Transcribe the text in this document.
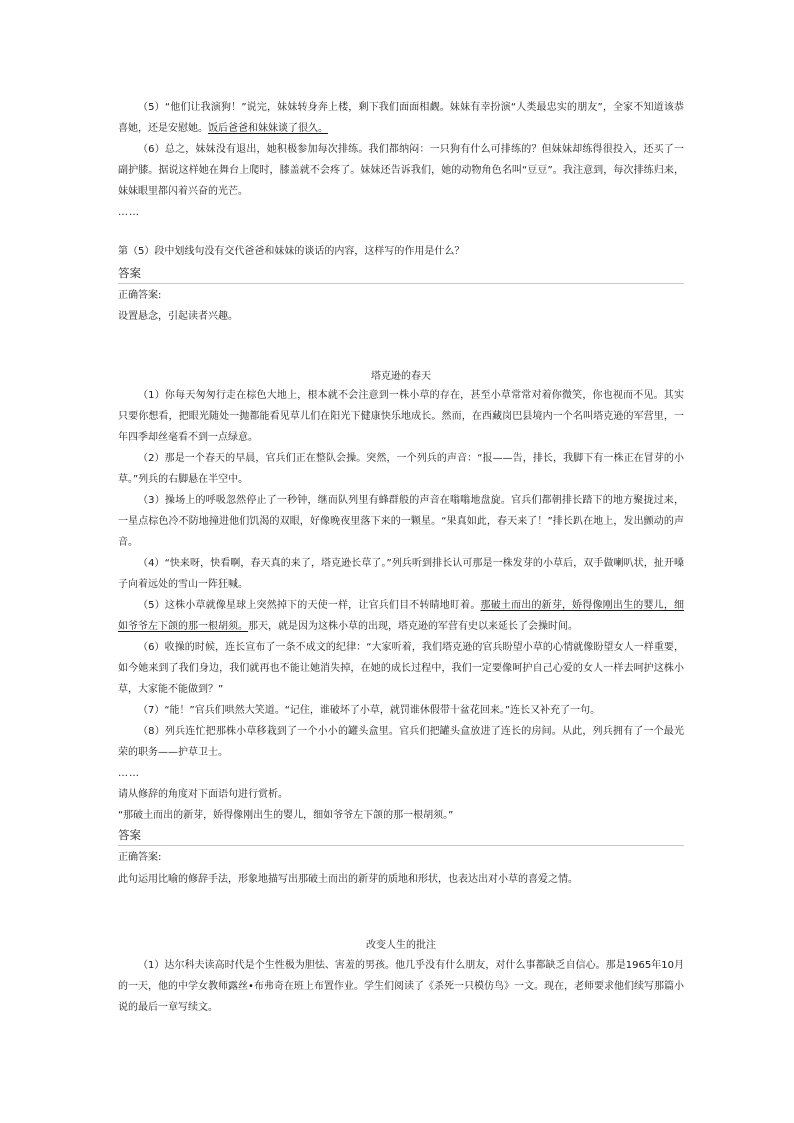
（5）“他们让我演狗！”说完，妹妹转身奔上楼，剩下我们面面相觑。妹妹有幸扮演“人类最忠实的朋友”，全家不知道该恭喜她，还是安慰她。饭后爸爸和妹妹谈了很久。

（6）总之，妹妹没有退出，她积极参加每次排练。我们都纳闷：一只狗有什么可排练的？但妹妹却练得很投入，还买了一副护膝。据说这样她在舞台上爬时，膝盖就不会疼了。妹妹还告诉我们，她的动物角色名叫“豆豆”。我注意到，每次排练归来，妹妹眼里都闪着兴奋的光芒。

……

第（5）段中划线句没有交代爸爸和妹妹的谈话的内容，这样写的作用是什么？
答案
正确答案:
设置悬念，引起读者兴趣。
塔克逊的春天

（1）你每天匆匆行走在棕色大地上，根本就不会注意到一株小草的存在，甚至小草常常对着你微笑，你也视而不见。其实只要你想看，把眼光随处一抛都能看见草儿们在阳光下健康快乐地成长。然而，在西藏岗巴县境内一个名叫塔克逊的军营里，一年四季却丝毫看不到一点绿意。

（2）那是一个春天的早晨，官兵们正在整队会操。突然，一个列兵的声音：“报——告，排长，我脚下有一株正在冒芽的小草。”列兵的右脚悬在半空中。

（3）操场上的呼吸忽然停止了一秒钟，继而队列里有蜂群般的声音在嗡嗡地盘旋。官兵们都朝排长踏下的地方聚拢过来，一星点棕色冷不防地撞进他们饥渴的双眼，好像晚夜里落下来的一颗星。“果真如此，春天来了！”排长趴在地上，发出颤动的声音。

（4）“快来呀，快看啊，春天真的来了，塔克逊长草了。”列兵听到排长认可那是一株发芽的小草后，双手做喇叭状，扯开嗓子向着远处的雪山一阵狂喊。

（5）这株小草就像星球上突然掉下的天使一样，让官兵们目不转睛地盯着。那破土而出的新芽，娇得像刚出生的婴儿，细如爷爷左下颌的那一根胡须。那天，就是因为这株小草的出现，塔克逊的军营有史以来延长了会操时间。

（6）收操的时候，连长宣布了一条不成文的纪律：“大家听着，我们塔克逊的官兵盼望小草的心情就像盼望女人一样重要，如今她来到了我们身边，我们就再也不能让她消失掉，在她的成长过程中，我们一定要像呵护自己心爱的女人一样去呵护这株小草，大家能不能做到？”

（7）“能！”官兵们哄然大笑道。“记住，谁破坏了小草，就罚谁休假带十盆花回来。”连长又补充了一句。

（8）列兵连忙把那株小草移栽到了一个小小的罐头盒里。官兵们把罐头盒放进了连长的房间。从此，列兵拥有了一个最光荣的职务——护草卫士。

……

请从修辞的角度对下面语句进行赏析。

“那破土而出的新芽，娇得像刚出生的婴儿，细如爷爷左下颌的那一根胡须。”

答案
正确答案:
此句运用比喻的修辞手法，形象地描写出那破土而出的新芽的质地和形状，也表达出对小草的喜爱之情。
改变人生的批注

（1）达尔科夫读高时代是个生性极为胆怯、害羞的男孩。他几乎没有什么朋友，对什么事都缺乏自信心。那是1965年10月的一天，他的中学女教师露丝•布弗奇在班上布置作业。学生们阅读了《杀死一只模仿鸟》一文。现在，老师要求他们续写那篇小说的最后一章写续文。
